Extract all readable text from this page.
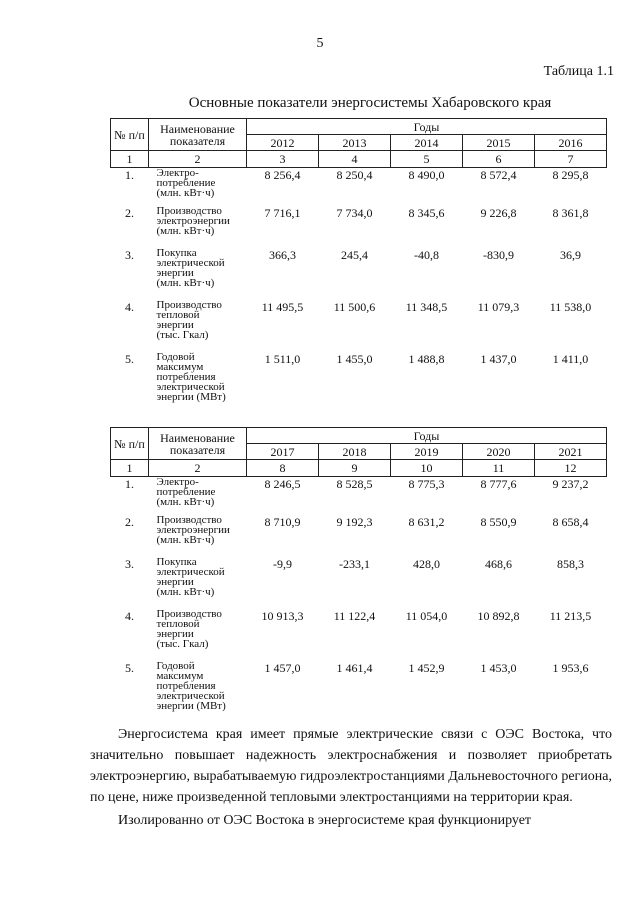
5
Таблица 1.1
Основные показатели энергосистемы Хабаровского края
№ п/п	Наименование показателя	Годы				
		2012	2013	2014	2015	2016
1	2	3	4	5	6	7
1.	Электро-
потребление
(млн. кВт·ч)	8 256,4	8 250,4	8 490,0	8 572,4	8 295,8
2.	Производство
электроэнергии
(млн. кВт·ч)	7 716,1	7 734,0	8 345,6	9 226,8	8 361,8
3.	Покупка
электрической
энергии
(млн. кВт·ч)	366,3	245,4	-40,8	-830,9	36,9
4.	Производство
тепловой
энергии
(тыс. Гкал)	11 495,5	11 500,6	11 348,5	11 079,3	11 538,0
5.	Годовой
максимум
потребления
электрической
энергии (МВт)	1 511,0	1 455,0	1 488,8	1 437,0	1 411,0
№ п/п	Наименование показателя	Годы				
		2017	2018	2019	2020	2021
1	2	8	9	10	11	12
1.	Электро-
потребление
(млн. кВт·ч)	8 246,5	8 528,5	8 775,3	8 777,6	9 237,2
2.	Производство
электроэнергии
(млн. кВт·ч)	8 710,9	9 192,3	8 631,2	8 550,9	8 658,4
3.	Покупка
электрической
энергии
(млн. кВт·ч)	-9,9	-233,1	428,0	468,6	858,3
4.	Производство
тепловой
энергии
(тыс. Гкал)	10 913,3	11 122,4	11 054,0	10 892,8	11 213,5
5.	Годовой
максимум
потребления
электрической
энергии (МВт)	1 457,0	1 461,4	1 452,9	1 453,0	1 953,6

Энергосистема края имеет прямые электрические связи с ОЭС Востока, что значительно повышает надежность электроснабжения и позволяет приобретать электроэнергию, вырабатываемую гидроэлектростанциями Дальневосточного региона, по цене, ниже произведенной тепловыми электростанциями на территории края.

Изолированно от ОЭС Востока в энергосистеме края функционирует
